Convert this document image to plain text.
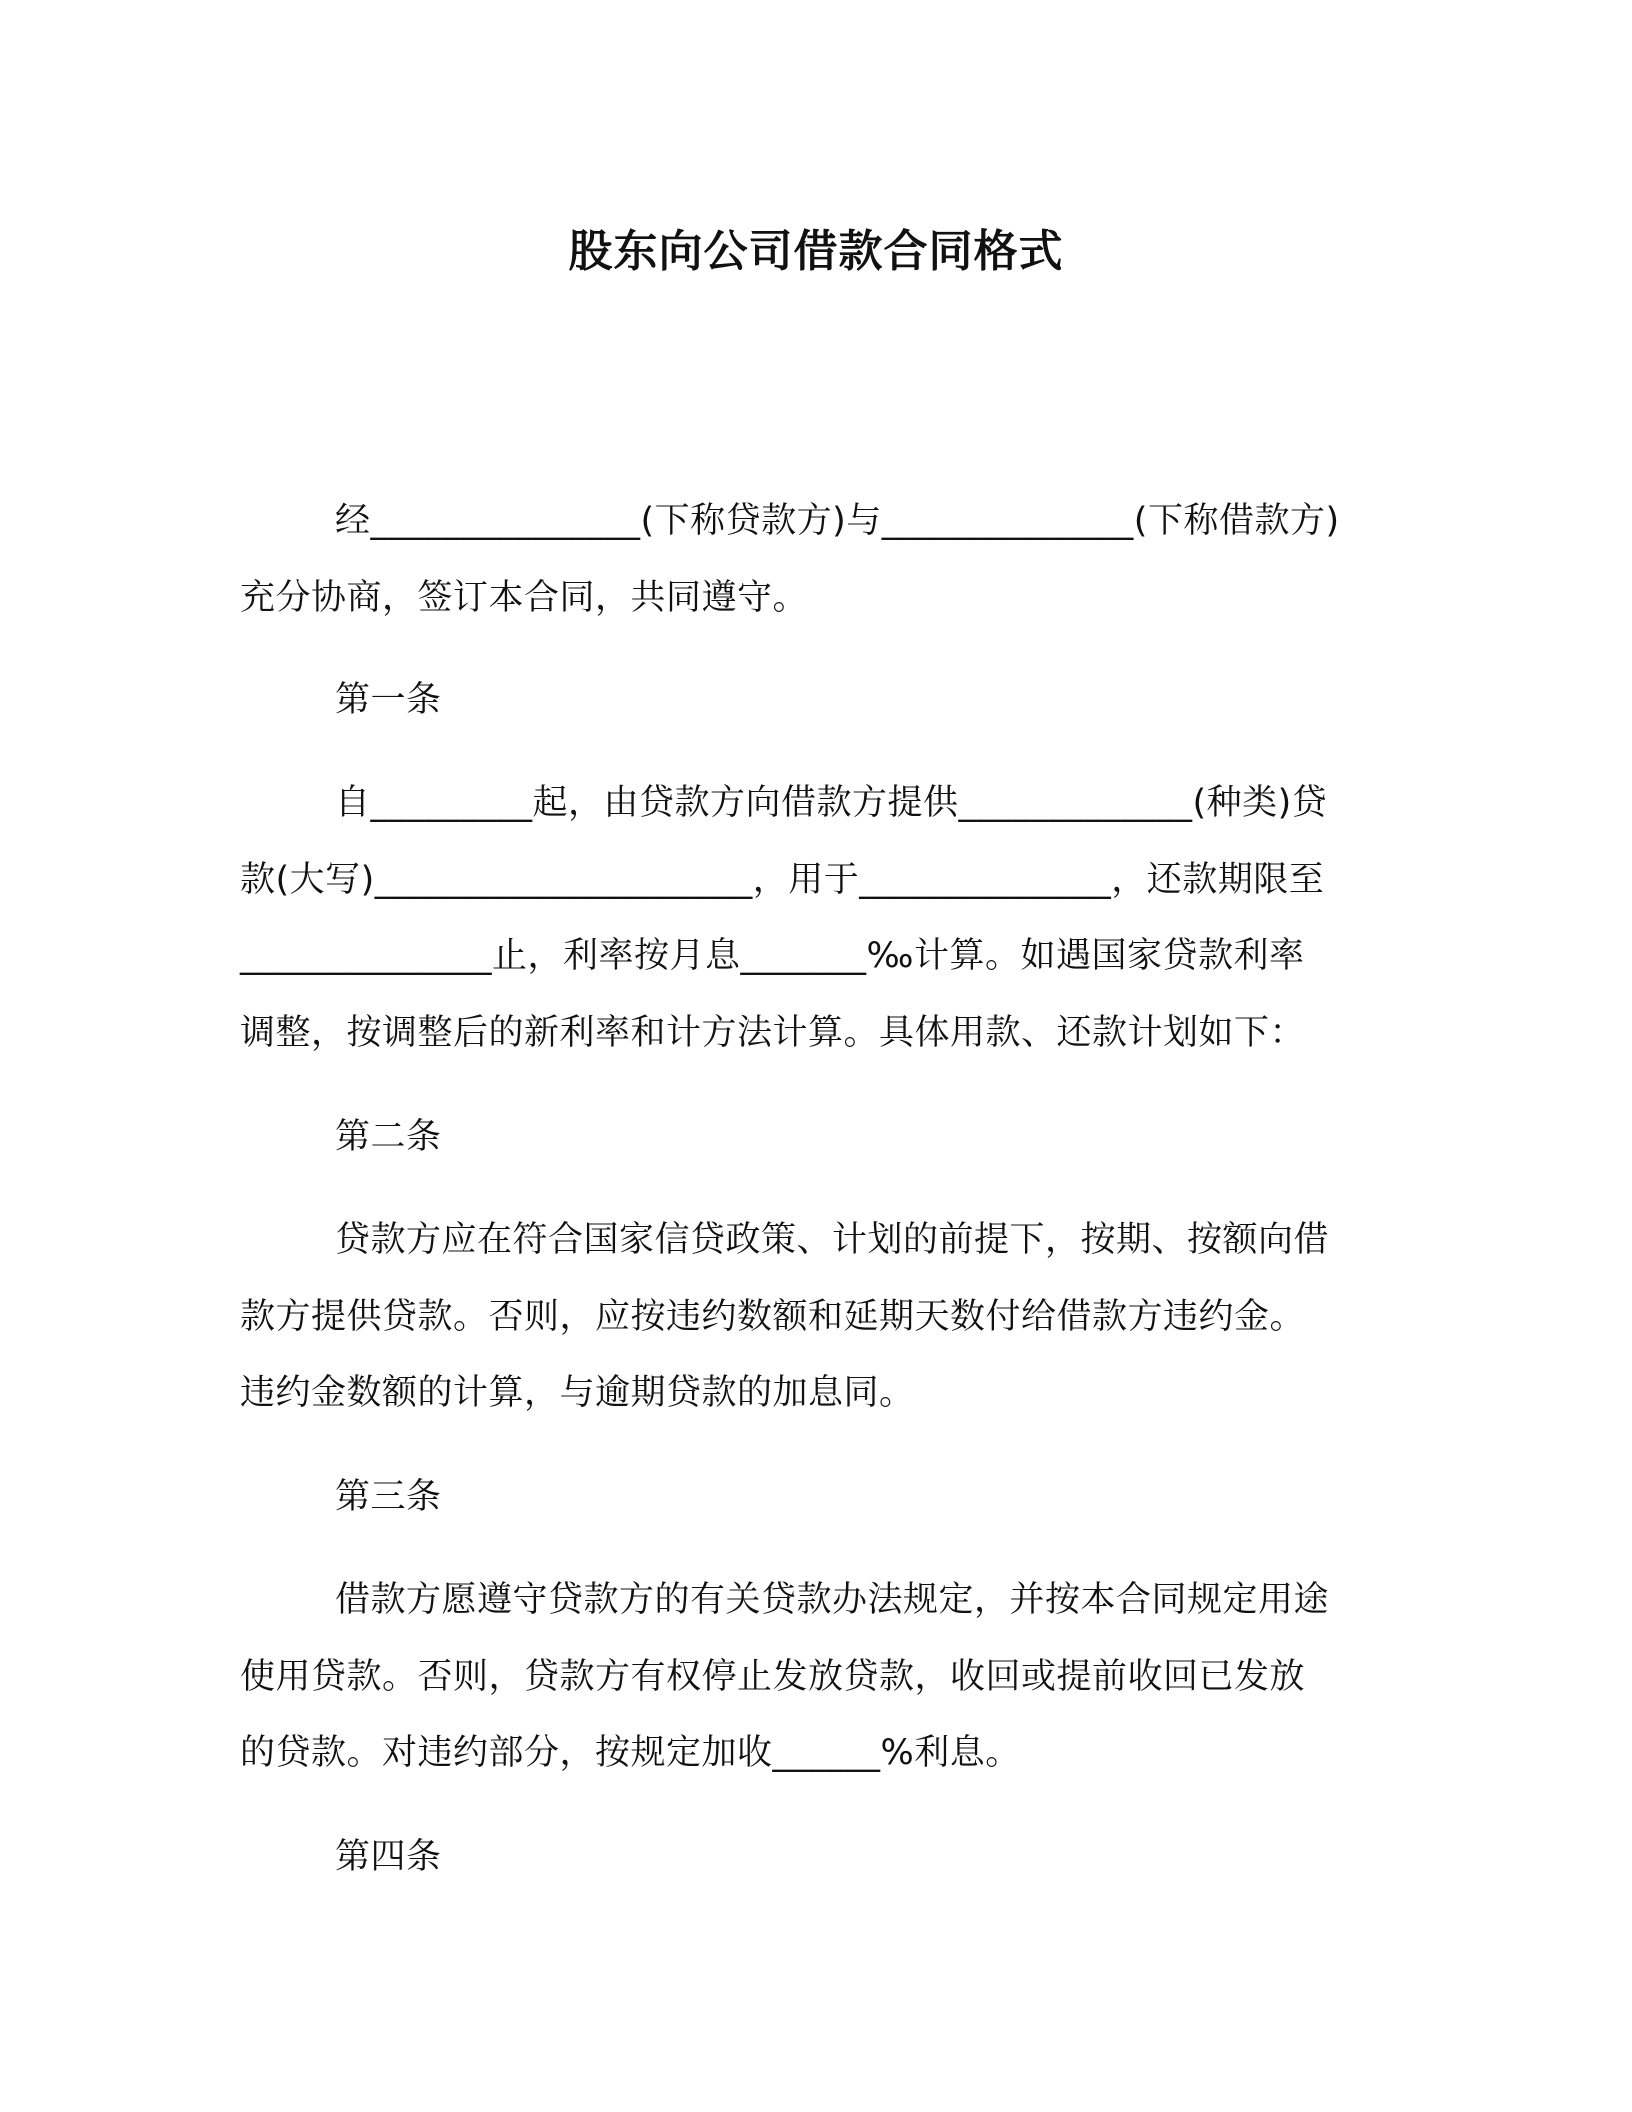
股东向公司借款合同格式
经_______________(下称贷款方)与______________(下称借款方)
充分协商，签订本合同，共同遵守。
第一条
自_________起，由贷款方向借款方提供_____________(种类)贷
款(大写)_____________________，用于______________，还款期限至
______________止，利率按月息_______‰计算。如遇国家贷款利率
调整，按调整后的新利率和计方法计算。具体用款、还款计划如下：
第二条
贷款方应在符合国家信贷政策、计划的前提下，按期、按额向借
款方提供贷款。否则，应按违约数额和延期天数付给借款方违约金。
违约金数额的计算，与逾期贷款的加息同。
第三条
借款方愿遵守贷款方的有关贷款办法规定，并按本合同规定用途
使用贷款。否则，贷款方有权停止发放贷款，收回或提前收回已发放
的贷款。对违约部分，按规定加收______%利息。
第四条
